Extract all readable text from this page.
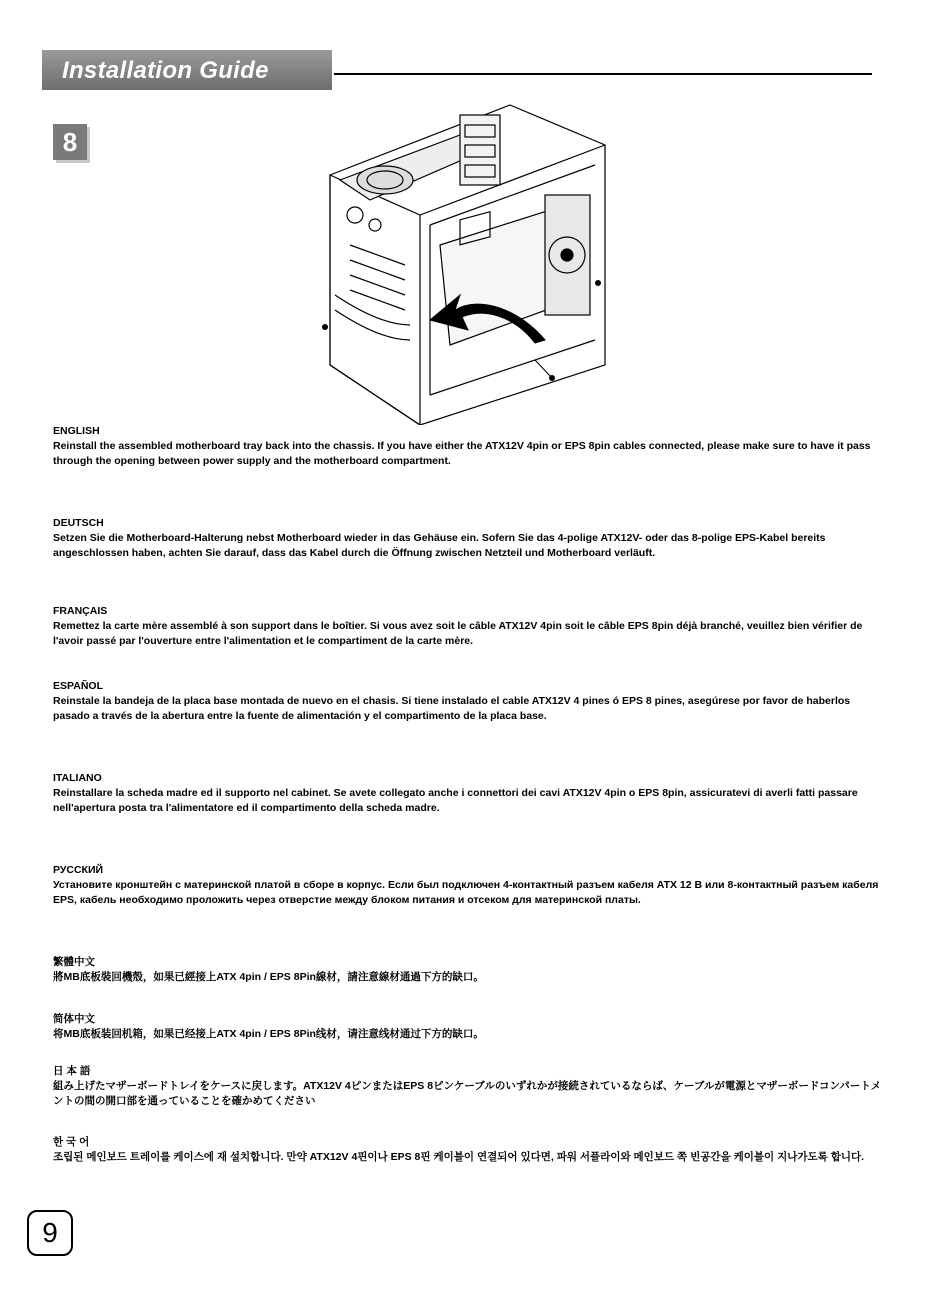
Installation Guide
8
ENGLISH
Reinstall the assembled motherboard tray back into the chassis. If you have either the ATX12V 4pin or EPS 8pin cables connected, please make sure to have it pass through the opening between power supply and the motherboard compartment.
DEUTSCH
Setzen Sie die Motherboard-Halterung nebst Motherboard wieder in das Gehäuse ein. Sofern Sie das 4-polige ATX12V- oder das 8-polige EPS-Kabel bereits angeschlossen haben, achten Sie darauf, dass das Kabel durch die Öffnung zwischen Netzteil und Motherboard verläuft.
FRANÇAIS
Remettez la carte mère assemblé à son support dans le boîtier. Si vous avez soit le câble ATX12V 4pin soit le câble EPS 8pin déjà branché, veuillez bien vérifier de l'avoir passé par l'ouverture entre l'alimentation et le compartiment de la carte mère.
ESPAÑOL
Reinstale la bandeja de la placa base montada de nuevo en el chasis. Si tiene instalado el cable ATX12V 4 pines ó EPS 8 pines, asegúrese por favor de haberlos pasado a través de la abertura entre la fuente de alimentación y el compartimento de la placa base.
ITALIANO
Reinstallare la scheda madre ed il supporto nel cabinet. Se avete collegato anche i connettori dei cavi ATX12V 4pin o EPS 8pin, assicuratevi di averli fatti passare nell'apertura posta tra l'alimentatore ed il compartimento della scheda madre.
РУССКИЙ
Установите кронштейн с материнской платой в сборе в корпус. Если был подключен 4-контактный разъем кабеля ATX 12 В или 8-контактный разъем кабеля EPS, кабель необходимо проложить через отверстие между блоком питания и отсеком для материнской платы.
繁體中文
將MB底板裝回機殼，如果已經接上ATX 4pin / EPS 8Pin線材，請注意線材通過下方的缺口。
简体中文
将MB底板装回机箱，如果已经接上ATX 4pin / EPS 8Pin线材，请注意线材通过下方的缺口。
日 本 語
組み上げたマザーボードトレイをケースに戻します。ATX12V 4ピンまたはEPS 8ピンケーブルのいずれかが接続されているならば、ケーブルが電源とマザーボードコンパートメントの間の開口部を通っていることを確かめてください
한 국 어
조립된 메인보드 트레이를 케이스에 재 설치합니다. 만약 ATX12V 4핀이나 EPS 8핀 케이블이 연결되어 있다면, 파워 서플라이와 메인보드 쪽 빈공간을 케이블이 지나가도록 합니다.
9
